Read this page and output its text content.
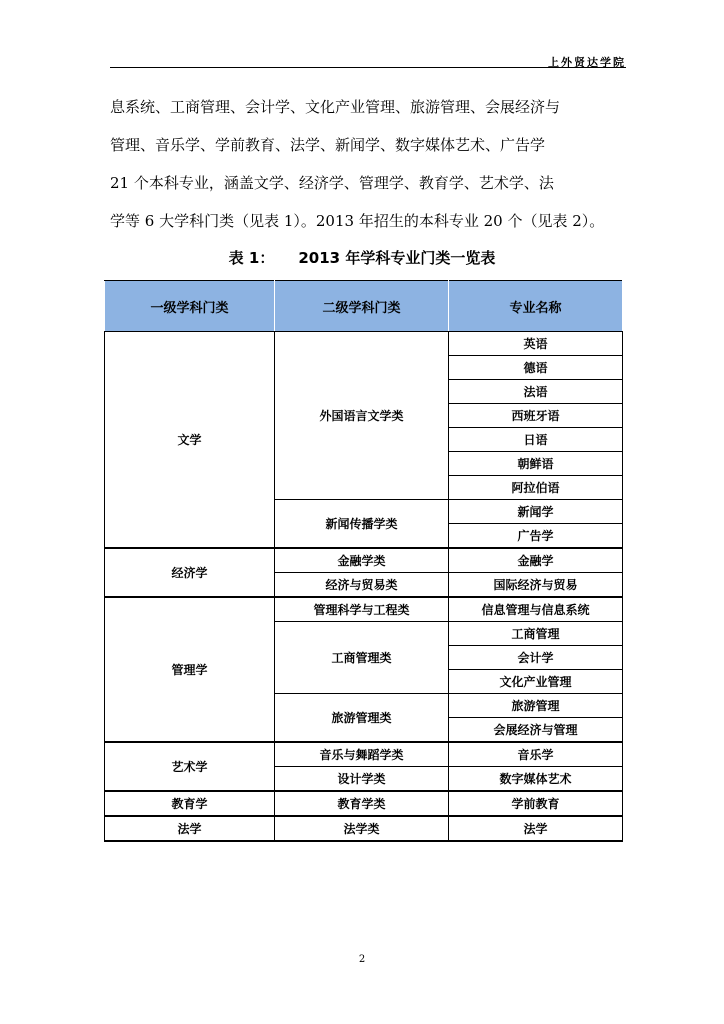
上外贤达学院
息系统、工商管理、会计学、文化产业管理、旅游管理、会展经济与
管理、音乐学、学前教育、法学、新闻学、数字媒体艺术、广告学
21 个本科专业，涵盖文学、经济学、管理学、教育学、艺术学、法
学等 6 大学科门类（见表 1）。2013 年招生的本科专业 20 个（见表 2）。
表 1： 2013 年学科专业门类一览表
一级学科门类	二级学科门类	专业名称
文学	外国语言文学类	英语
		德语
		法语
		西班牙语
		日语
		朝鲜语
		阿拉伯语
	新闻传播学类	新闻学
		广告学
经济学	金融学类	金融学
	经济与贸易类	国际经济与贸易
管理学	管理科学与工程类	信息管理与信息系统
	工商管理类	工商管理
		会计学
		文化产业管理
	旅游管理类	旅游管理
		会展经济与管理
艺术学	音乐与舞蹈学类	音乐学
	设计学类	数字媒体艺术
教育学	教育学类	学前教育
法学	法学类	法学
2
